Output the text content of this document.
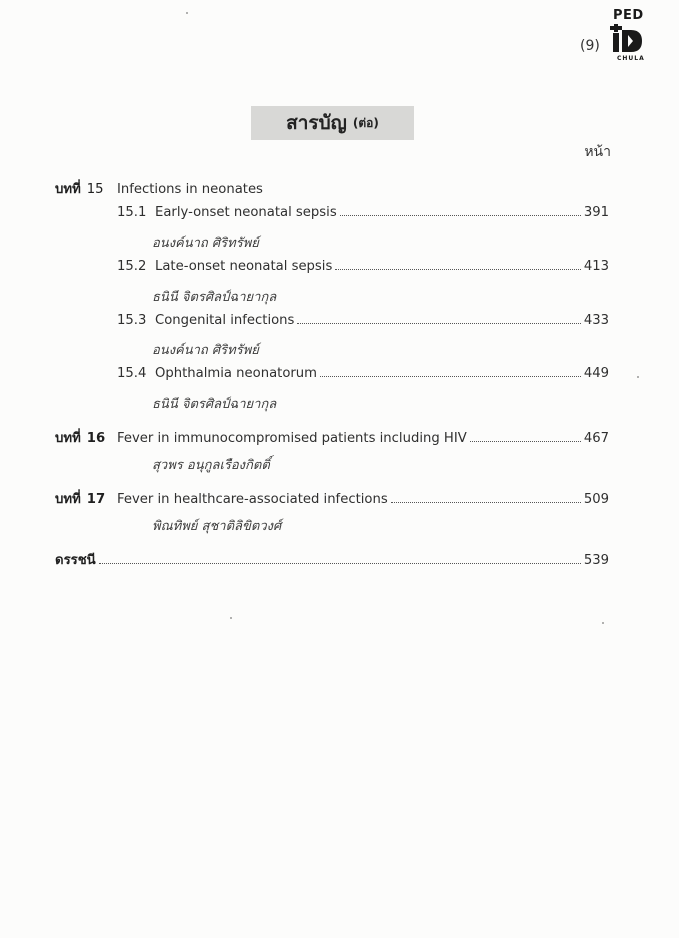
(9)
PED
CHULA
สารบัญ (ต่อ)
หน้า
บทที่ 15	Infections in neonates
15.1 Early-onset neonatal sepsis	391
อนงค์นาถ ศิริทรัพย์
15.2 Late-onset neonatal sepsis	413
ธนินี จิตรศิลป์ฉายากุล
15.3 Congenital infections	433
อนงค์นาถ ศิริทรัพย์
15.4 Ophthalmia neonatorum	449
ธนินี จิตรศิลป์ฉายากุล
บทที่ 16 Fever in immunocompromised patients including HIV	467
สุวพร อนุกูลเรืองกิตติ์
บทที่ 17 Fever in healthcare-associated infections	509
พิณทิพย์ สุชาติลิขิตวงศ์
ดรรชนี	539
